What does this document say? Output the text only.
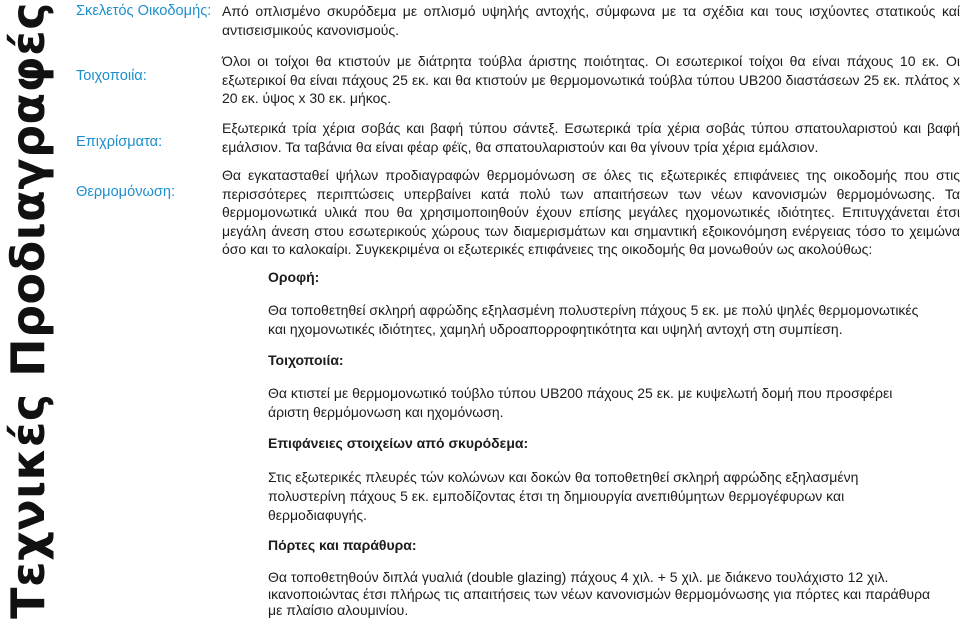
Τεχνικές Προδιαγραφές Σκελετός Οικοδομής:
Τοιχοποιία:
Επιχρίσματα:
Θερμομόνωση:
Από οπλισμένο σκυρόδεμα με οπλισμό υψηλής αντοχής, σύμφωνα με τα σχέδια και τους ισχύοντες στατικούς καί αντισεισμικούς κανονισμούς.
Όλοι οι τοίχοι θα κτιστούν με διάτρητα τούβλα άριστης ποιότητας. Οι εσωτερικοί τοίχοι θα είναι πάχους 10 εκ. Οι εξωτερικοί θα είναι πάχους 25 εκ. και θα κτιστούν με θερμομονωτικά τούβλα τύπου UB200 διαστάσεων 25 εκ. πλάτος x 20 εκ. ύψος x 30 εκ. μήκος.
Εξωτερικά τρία χέρια σοβάς και βαφή τύπου σάντεξ. Εσωτερικά τρία χέρια σοβάς τύπου σπατουλαριστού και βαφή εμάλσιον. Τα ταβάνια θα είναι φέαρ φέϊς, θα σπατουλαριστούν και θα γίνουν τρία χέρια εμάλσιον.
Θα εγκατασταθεί ψήλων προδιαγραφών θερμομόνωση σε όλες τις εξωτερικές επιφάνειες της οικοδομής που στις περισσότερες περιπτώσεις υπερβαίνει κατά πολύ των απαιτήσεων των νέων κανονισμών θερμομόνωσης. Τα θερμομονωτικά υλικά που θα χρησιμοποιηθούν έχουν επίσης μεγάλες ηχομονωτικές ιδιότητες. Επιτυγχάνεται έτσι μεγάλη άνεση στου εσωτερικούς χώρους των διαμερισμάτων και σημαντική εξοικονόμηση ενέργειας τόσο το χειμώνα όσο και το καλοκαίρι. Συγκεκριμένα οι εξωτερικές επιφάνειες της οικοδομής θα μονωθούν ως ακολούθως:
Οροφή:
Θα τοποθετηθεί σκληρή αφρώδης εξηλασμένη πολυστερίνη πάχους 5 εκ. με πολύ ψηλές θερμομονωτικές
και ηχομονωτικές ιδιότητες, χαμηλή υδροαπορροφητικότητα και υψηλή αντοχή στη συμπίεση.
Τοιχοποιία:
Θα κτιστεί με θερμομονωτικό τούβλο τύπου UB200 πάχους 25 εκ. με κυψελωτή δομή που προσφέρει
άριστη θερμόμονωση και ηχομόνωση.
Επιφάνειες στοιχείων από σκυρόδεμα:
Στις εξωτερικές πλευρές τών κολώνων και δοκών θα τοποθετηθεί σκληρή αφρώδης εξηλασμένη
πολυστερίνη πάχους 5 εκ. εμποδίζοντας έτσι τη δημιουργία ανεπιθύμητων θερμογέφυρων και
θερμοδιαφυγής.
Πόρτες και παράθυρα:
Θα τοποθετηθούν διπλά γυαλιά (double glazing) πάχους 4 χιλ. + 5 χιλ. με διάκενο τουλάχιστο 12 χιλ.
ικανοποιώντας έτσι πλήρως τις απαιτήσεις των νέων κανονισμών θερμομόνωσης για πόρτες και παράθυρα
με πλαίσιο αλουμινίου.
